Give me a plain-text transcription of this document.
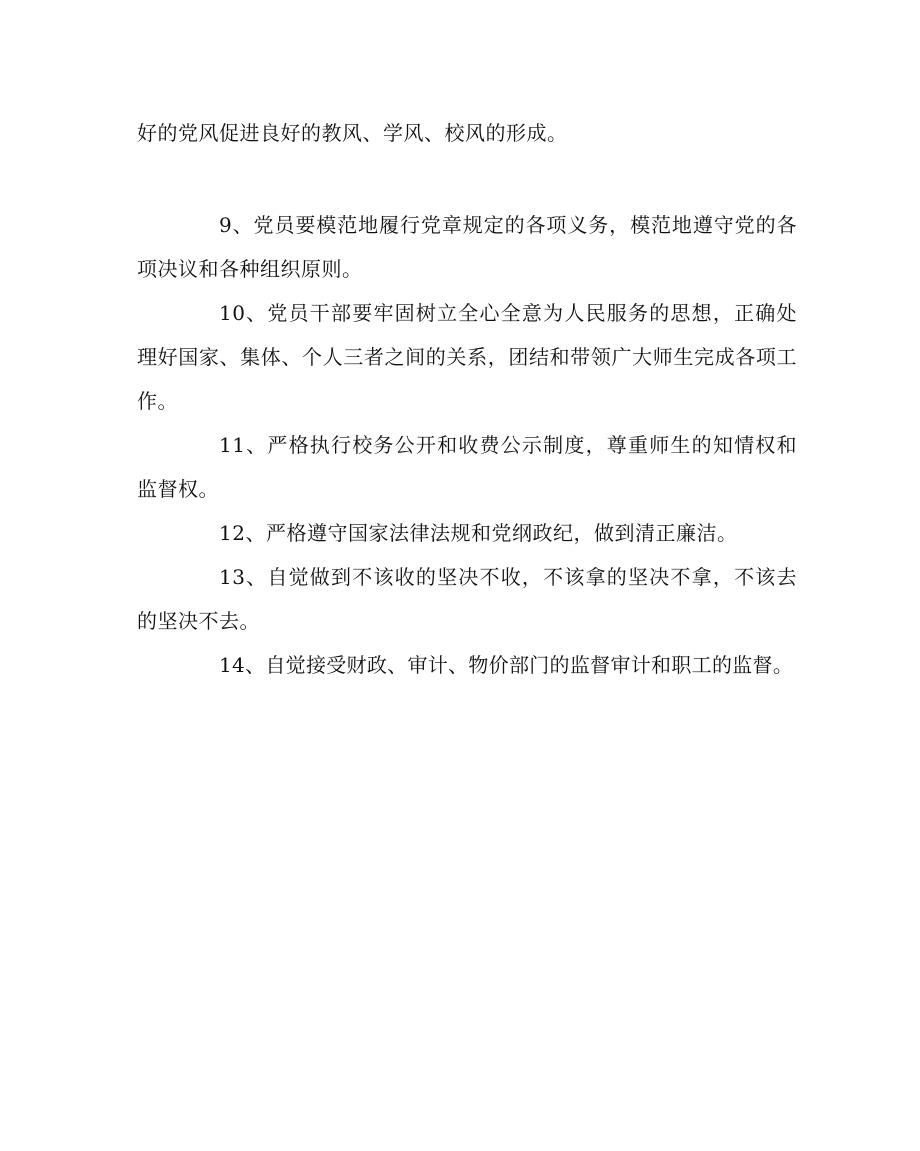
好的党风促进良好的教风、学风、校风的形成。

9、党员要模范地履行党章规定的各项义务，模范地遵守党的各项决议和各种组织原则。

10、党员干部要牢固树立全心全意为人民服务的思想，正确处理好国家、集体、个人三者之间的关系，团结和带领广大师生完成各项工作。

11、严格执行校务公开和收费公示制度，尊重师生的知情权和监督权。

12、严格遵守国家法律法规和党纲政纪，做到清正廉洁。

13、自觉做到不该收的坚决不收，不该拿的坚决不拿，不该去的坚决不去。

14、自觉接受财政、审计、物价部门的监督审计和职工的监督。
